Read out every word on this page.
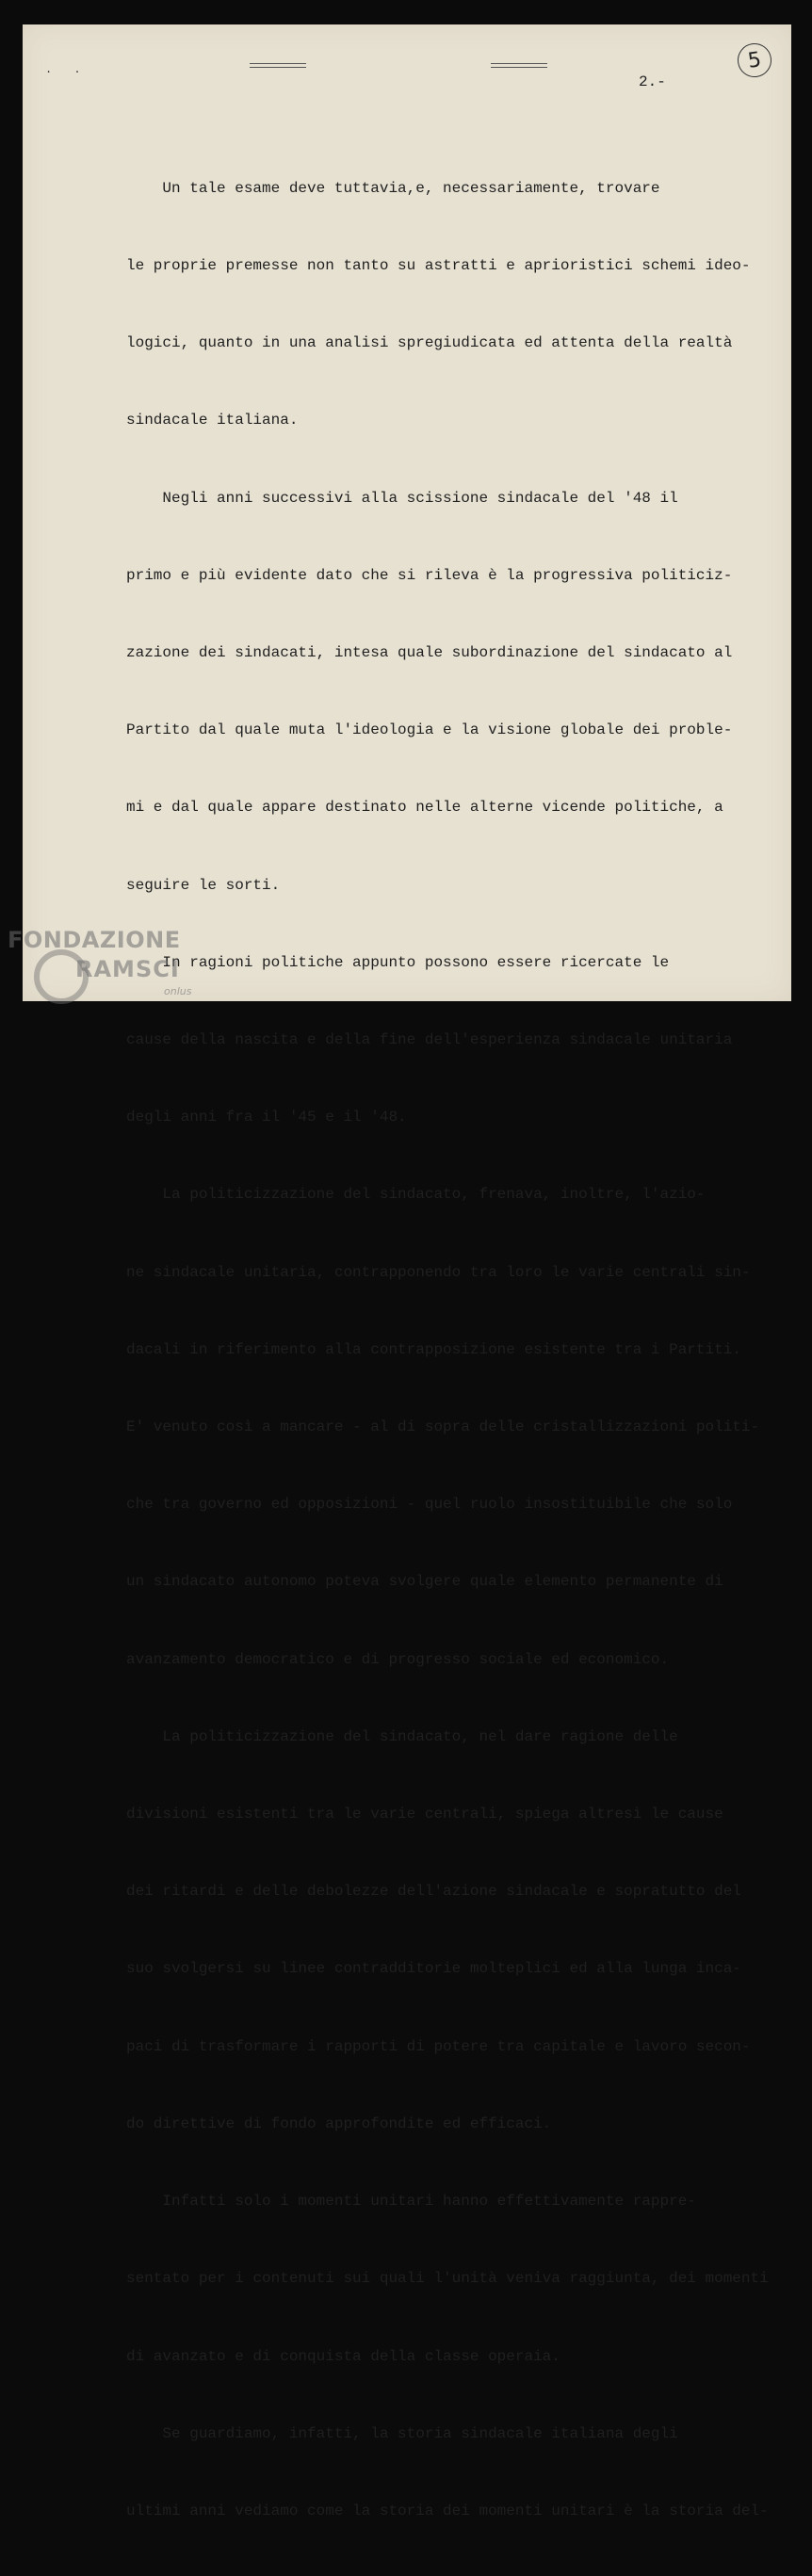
. .	5
2.-

Un tale esame deve tuttavia,e, necessariamente, trovare

le proprie premesse non tanto su astratti e aprioristici schemi ideo-

logici, quanto in una analisi spregiudicata ed attenta della realtà

sindacale italiana.

Negli anni successivi alla scissione sindacale del '48 il

primo e più evidente dato che si rileva è la progressiva politiciz-

zazione dei sindacati, intesa quale subordinazione del sindacato al

Partito dal quale muta l'ideologia e la visione globale dei proble-

mi e dal quale appare destinato nelle alterne vicende politiche, a

seguire le sorti.

In ragioni politiche appunto possono essere ricercate le

cause della nascita e della fine dell'esperienza sindacale unitaria

degli anni fra il '45 e il '48.

La politicizzazione del sindacato, frenava, inoltre, l'azio-

ne sindacale unitaria, contrapponendo tra loro le varie centrali sin-

dacali in riferimento alla contrapposizione esistente tra i Partiti.

E' venuto così a mancare - al di sopra delle cristallizzazioni politi-

che tra governo ed opposizioni - quel ruolo insostituibile che solo

un sindacato autonomo poteva svolgere quale elemento permanente di

avanzamento democratico e di progresso sociale ed economico.

La politicizzazione del sindacato, nel dare ragione delle

divisioni esistenti tra le varie centrali, spiega altresì le cause

dei ritardi e delle debolezze dell'azione sindacale e sopratutto del

suo svolgersi su linee contradditorie molteplici ed alla lunga inca-

paci di trasformare i rapporti di potere tra capitale e lavoro secon-

do direttive di fondo approfondite ed efficaci.

Infatti solo i momenti unitari hanno effettivamente rappre-

sentato per i contenuti sui quali l'unità veniva raggiunta, dei momenti

di avanzato e di conquista della classe operaia.

Se guardiamo, infatti, la storia sindacale italiana degli

ultimi anni vediamo come la storia dei momenti unitari è la storia del-

FONDAZIONE
RAMSCI
onlus
